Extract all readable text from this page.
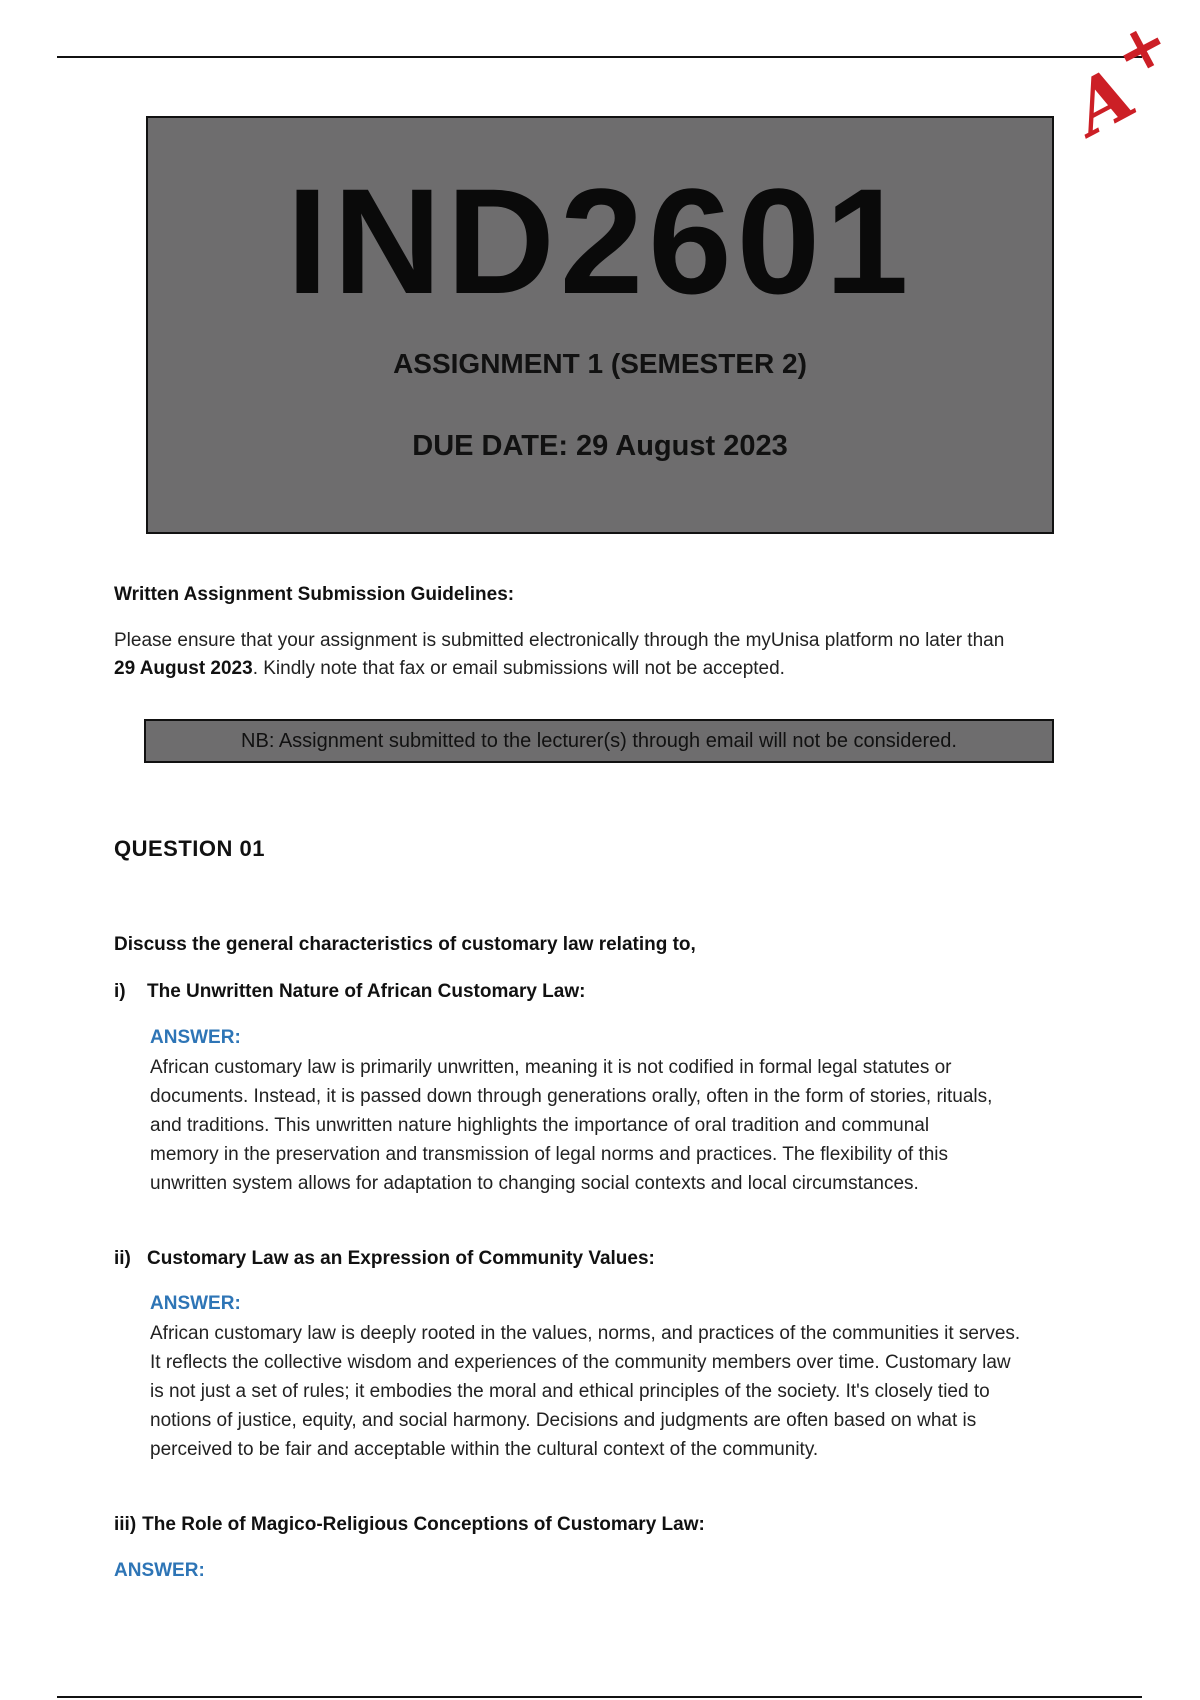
A
+
IND2601
ASSIGNMENT 1 (SEMESTER 2)
DUE DATE: 29 August 2023
Written Assignment Submission Guidelines:
Please ensure that your assignment is submitted electronically through the myUnisa platform no later than
29 August 2023. Kindly note that fax or email submissions will not be accepted.
NB: Assignment submitted to the lecturer(s) through email will not be considered.
QUESTION 01
Discuss the general characteristics of customary law relating to,
i) The Unwritten Nature of African Customary Law:
ANSWER:

African customary law is primarily unwritten, meaning it is not codified in formal legal statutes or

documents. Instead, it is passed down through generations orally, often in the form of stories, rituals,

and traditions. This unwritten nature highlights the importance of oral tradition and communal

memory in the preservation and transmission of legal norms and practices. The flexibility of this

unwritten system allows for adaptation to changing social contexts and local circumstances.

ii) Customary Law as an Expression of Community Values:
ANSWER:

African customary law is deeply rooted in the values, norms, and practices of the communities it serves.

It reflects the collective wisdom and experiences of the community members over time. Customary law

is not just a set of rules; it embodies the moral and ethical principles of the society. It's closely tied to

notions of justice, equity, and social harmony. Decisions and judgments are often based on what is

perceived to be fair and acceptable within the cultural context of the community.

iii) The Role of Magico-Religious Conceptions of Customary Law:
ANSWER:
